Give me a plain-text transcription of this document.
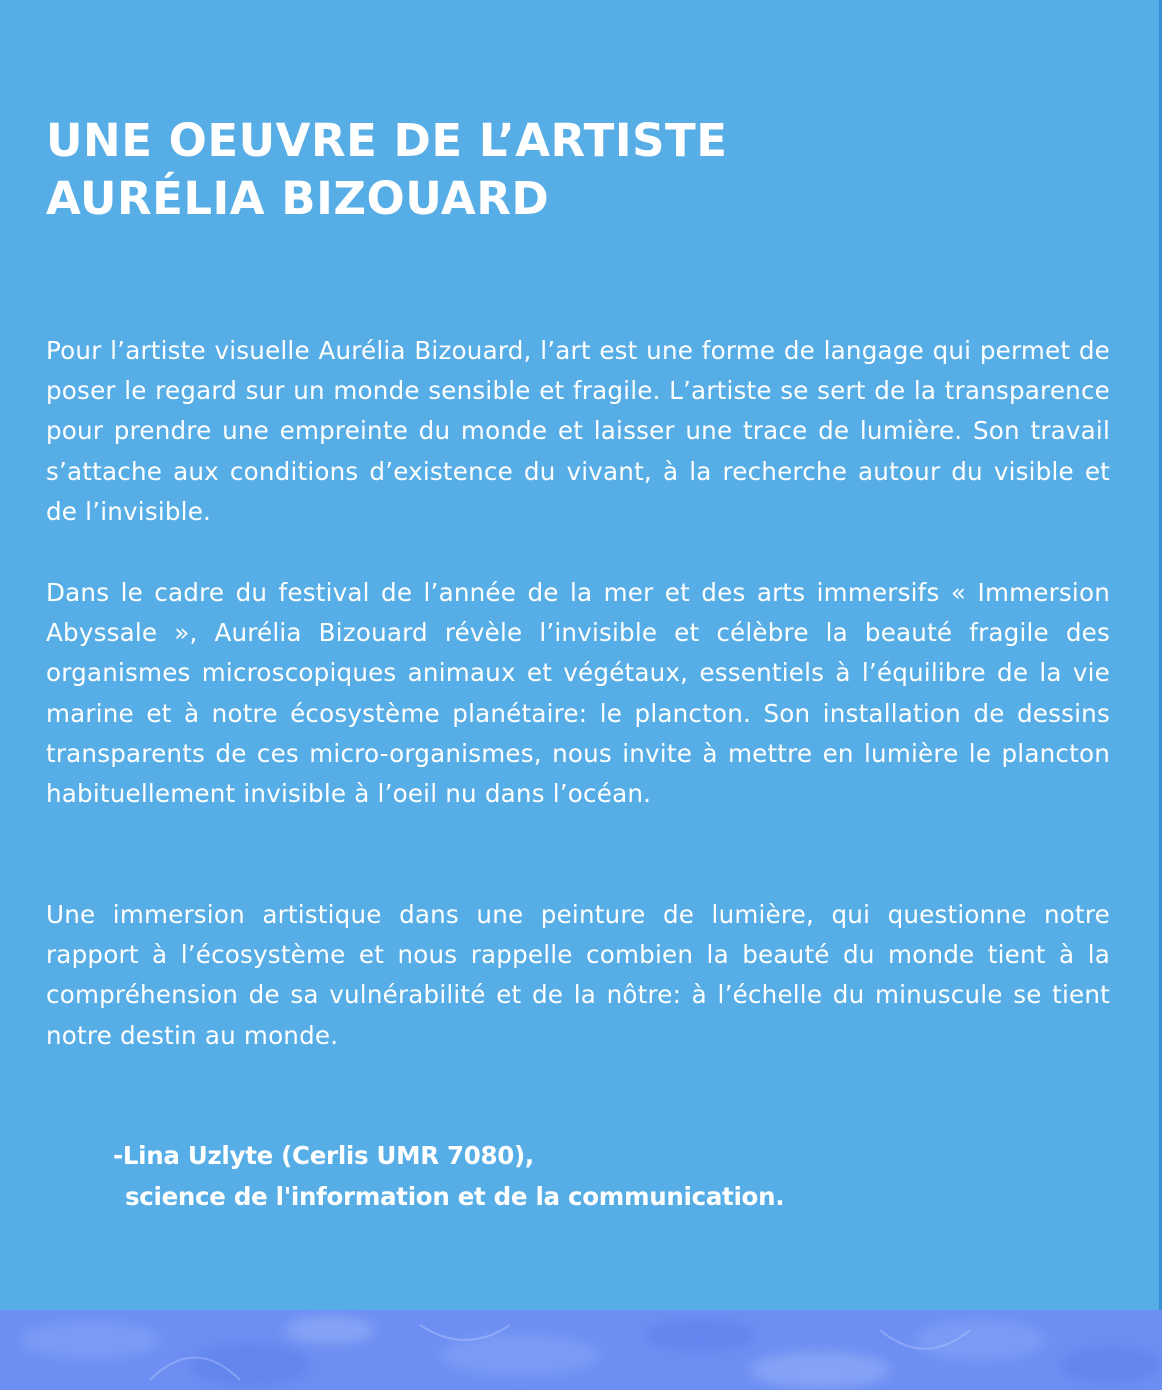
UNE OEUVRE DE L’ARTISTE
AURÉLIA BIZOUARD

Pour l’artiste visuelle Aurélia Bizouard, l’art est une forme de langage qui permet de poser le regard sur un monde sensible et fragile. L’artiste se sert de la transparence pour prendre une empreinte du monde et laisser une trace de lumière. Son travail s’attache aux conditions d’existence du vivant, à la recherche autour du visible et de l’invisible.

Dans le cadre du festival de l’année de la mer et des arts immersifs « Immersion Abyssale », Aurélia Bizouard révèle l’invisible et célèbre la beauté fragile des organismes microscopiques animaux et végétaux, essentiels à l’équilibre de la vie marine et à notre écosystème planétaire: le plancton. Son installation de dessins transparents de ces micro-organismes, nous invite à mettre en lumière le plancton habituellement invisible à l’oeil nu dans l’océan.

Une immersion artistique dans une peinture de lumière, qui questionne notre rapport à l’écosystème et nous rappelle combien la beauté du monde tient à la compréhension de sa vulnérabilité et de la nôtre: à l’échelle du minuscule se tient notre destin au monde.

-Lina Uzlyte (Cerlis UMR 7080),
science de l'information et de la communication.
